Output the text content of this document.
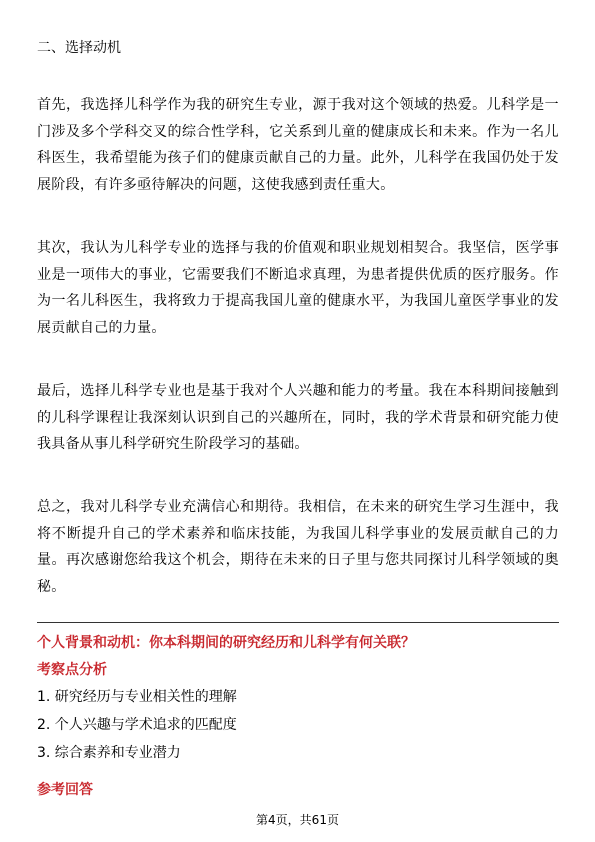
二、选择动机
首先，我选择儿科学作为我的研究生专业，源于我对这个领域的热爱。儿科学是一门涉及多个学科交叉的综合性学科，它关系到儿童的健康成长和未来。作为一名儿科医生，我希望能为孩子们的健康贡献自己的力量。此外，儿科学在我国仍处于发展阶段，有许多亟待解决的问题，这使我感到责任重大。
其次，我认为儿科学专业的选择与我的价值观和职业规划相契合。我坚信，医学事业是一项伟大的事业，它需要我们不断追求真理，为患者提供优质的医疗服务。作为一名儿科医生，我将致力于提高我国儿童的健康水平，为我国儿童医学事业的发展贡献自己的力量。
最后，选择儿科学专业也是基于我对个人兴趣和能力的考量。我在本科期间接触到的儿科学课程让我深刻认识到自己的兴趣所在，同时，我的学术背景和研究能力使我具备从事儿科学研究生阶段学习的基础。
总之，我对儿科学专业充满信心和期待。我相信，在未来的研究生学习生涯中，我将不断提升自己的学术素养和临床技能，为我国儿科学事业的发展贡献自己的力量。再次感谢您给我这个机会，期待在未来的日子里与您共同探讨儿科学领域的奥秘。
个人背景和动机：你本科期间的研究经历和儿科学有何关联？
考察点分析
1. 研究经历与专业相关性的理解
2. 个人兴趣与学术追求的匹配度
3. 综合素养和专业潜力
参考回答
第4页，共61页
